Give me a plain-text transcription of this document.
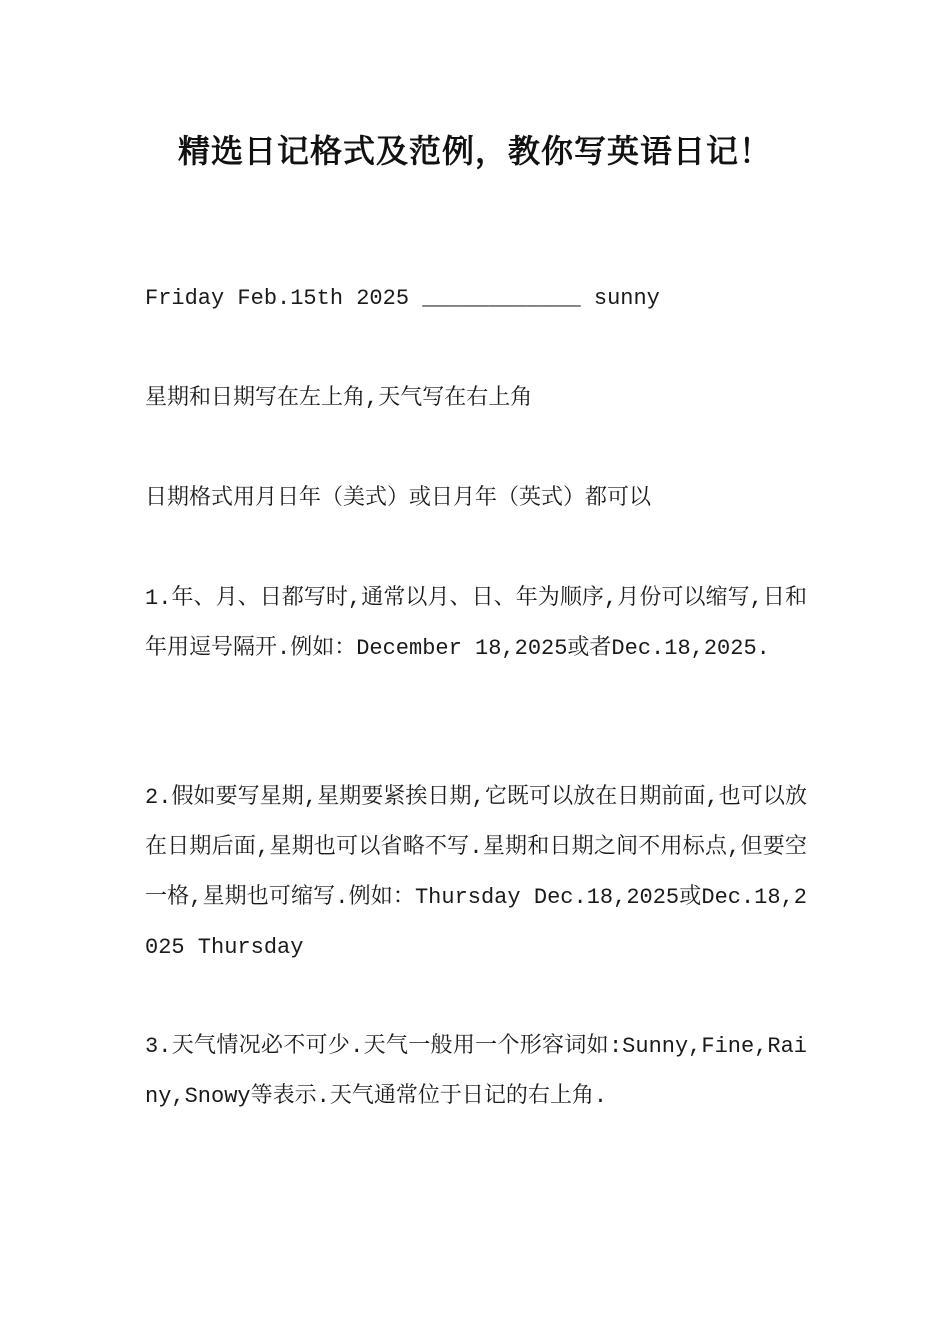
精选日记格式及范例，教你写英语日记！
Friday Feb.15th 2025 ____________ sunny
星期和日期写在左上角,天气写在右上角
日期格式用月日年（美式）或日月年（英式）都可以
1.年、月、日都写时,通常以月、日、年为顺序,月份可以缩写,日和年用逗号隔开.例如：December 18,2025或者Dec.18,2025.
2.假如要写星期,星期要紧挨日期,它既可以放在日期前面,也可以放在日期后面,星期也可以省略不写.星期和日期之间不用标点,但要空一格,星期也可缩写.例如：Thursday Dec.18,2025或Dec.18,2025 Thursday
3.天气情况必不可少.天气一般用一个形容词如:Sunny,Fine,Rainy,Snowy等表示.天气通常位于日记的右上角.
